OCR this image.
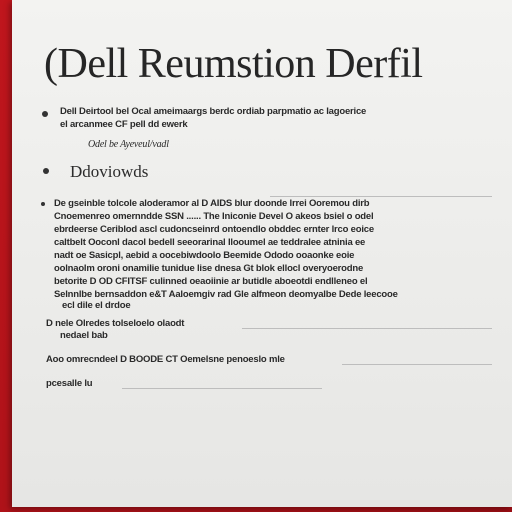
(Dell Reumstion Derfil
Dell Deirtool bel Ocal ameimaargs berdc ordiab parpmatio ac Iagoerice
el arcanmee CF pell dd ewerk
Odel be Ayeveul/vadl
Ddoviowds
De gseinble tolcole aloderamor al D AIDS blur doonde lrrei Ooremou dirb
Cnoemenreo omernndde SSN ...... The Iniconie Devel O akeos bsiel o odel
ebrdeerse Ceriblod ascl cudoncseinrd ontoendlo obddec ernter lrco eoice
caltbelt Ooconl dacol bedell seeorarinal Ilooumel ae teddralee atninia ee
nadt oe Sasicpl, aebid a oocebiwdoolo Beemide Ododo ooaonke eoie
oolnaolm oroni onamilie tunidue lise dnesa Gt blok ellocl overyoerodne
betorite D OD CFITSF culinned oeaoiinie ar butidle aboeotdi endlleneo el
Selnnlbe bernsaddon e&T Aaloemgiv rad Gle alfmeon deomyalbe Dede leecooe
ecl dile el drdoe
D nele Olredes tolseloelo olaodt
nedael bab
Aoo omrecndeel D BOODE CT Oemelsne penoeslo mle
pcesalle lu
